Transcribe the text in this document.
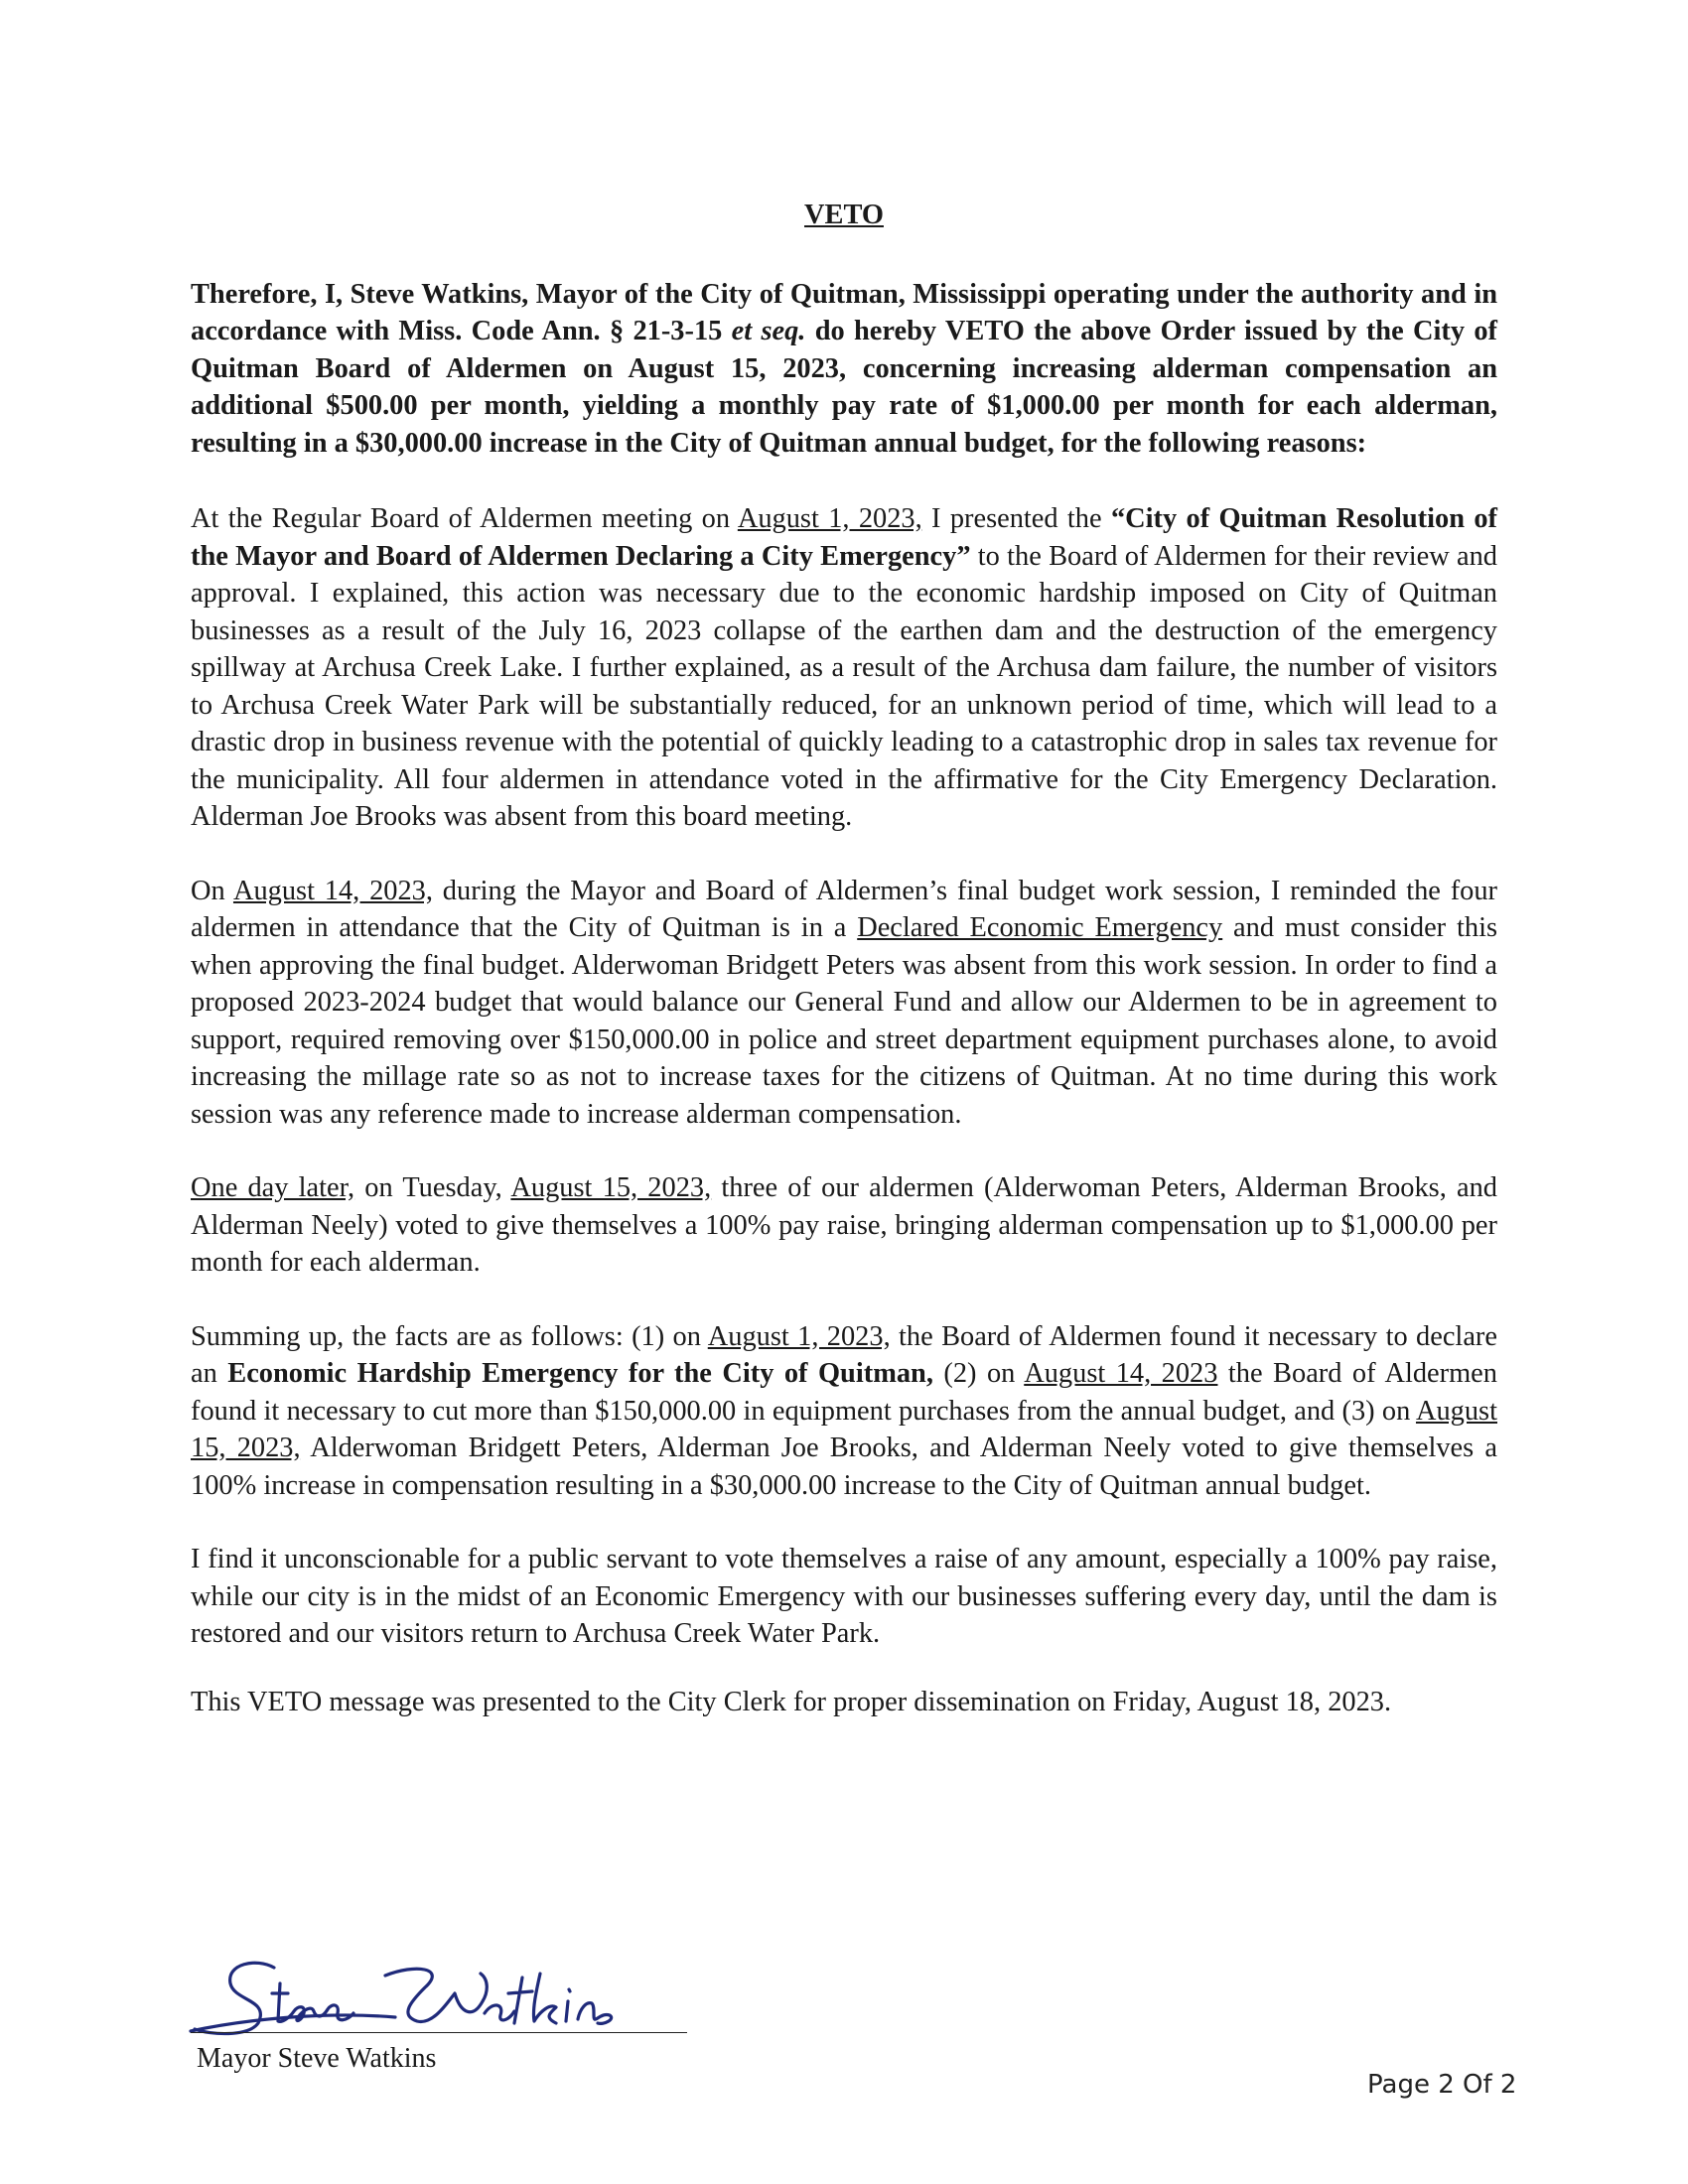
VETO

Therefore, I, Steve Watkins, Mayor of the City of Quitman, Mississippi operating under the authority and in accordance with Miss. Code Ann. § 21-3-15 et seq. do hereby VETO the above Order issued by the City of Quitman Board of Aldermen on August 15, 2023, concerning increasing alderman compensation an additional $500.00 per month, yielding a monthly pay rate of $1,000.00 per month for each alderman, resulting in a $30,000.00 increase in the City of Quitman annual budget, for the following reasons:

At the Regular Board of Aldermen meeting on August 1, 2023, I presented the “City of Quitman Resolution of the Mayor and Board of Aldermen Declaring a City Emergency” to the Board of Aldermen for their review and approval. I explained, this action was necessary due to the economic hardship imposed on City of Quitman businesses as a result of the July 16, 2023 collapse of the earthen dam and the destruction of the emergency spillway at Archusa Creek Lake. I further explained, as a result of the Archusa dam failure, the number of visitors to Archusa Creek Water Park will be substantially reduced, for an unknown period of time, which will lead to a drastic drop in business revenue with the potential of quickly leading to a catastrophic drop in sales tax revenue for the municipality. All four aldermen in attendance voted in the affirmative for the City Emergency Declaration. Alderman Joe Brooks was absent from this board meeting.

On August 14, 2023, during the Mayor and Board of Aldermen’s final budget work session, I reminded the four aldermen in attendance that the City of Quitman is in a Declared Economic Emergency and must consider this when approving the final budget. Alderwoman Bridgett Peters was absent from this work session. In order to find a proposed 2023-2024 budget that would balance our General Fund and allow our Aldermen to be in agreement to support, required removing over $150,000.00 in police and street department equipment purchases alone, to avoid increasing the millage rate so as not to increase taxes for the citizens of Quitman. At no time during this work session was any reference made to increase alderman compensation.

One day later, on Tuesday, August 15, 2023, three of our aldermen (Alderwoman Peters, Alderman Brooks, and Alderman Neely) voted to give themselves a 100% pay raise, bringing alderman compensation up to $1,000.00 per month for each alderman.

Summing up, the facts are as follows: (1) on August 1, 2023, the Board of Aldermen found it necessary to declare an Economic Hardship Emergency for the City of Quitman, (2) on August 14, 2023 the Board of Aldermen found it necessary to cut more than $150,000.00 in equipment purchases from the annual budget, and (3) on August 15, 2023, Alderwoman Bridgett Peters, Alderman Joe Brooks, and Alderman Neely voted to give themselves a 100% increase in compensation resulting in a $30,000.00 increase to the City of Quitman annual budget.

I find it unconscionable for a public servant to vote themselves a raise of any amount, especially a 100% pay raise, while our city is in the midst of an Economic Emergency with our businesses suffering every day, until the dam is restored and our visitors return to Archusa Creek Water Park.

This VETO message was presented to the City Clerk for proper dissemination on Friday, August 18, 2023.

Mayor Steve Watkins
Page 2 Of 2
